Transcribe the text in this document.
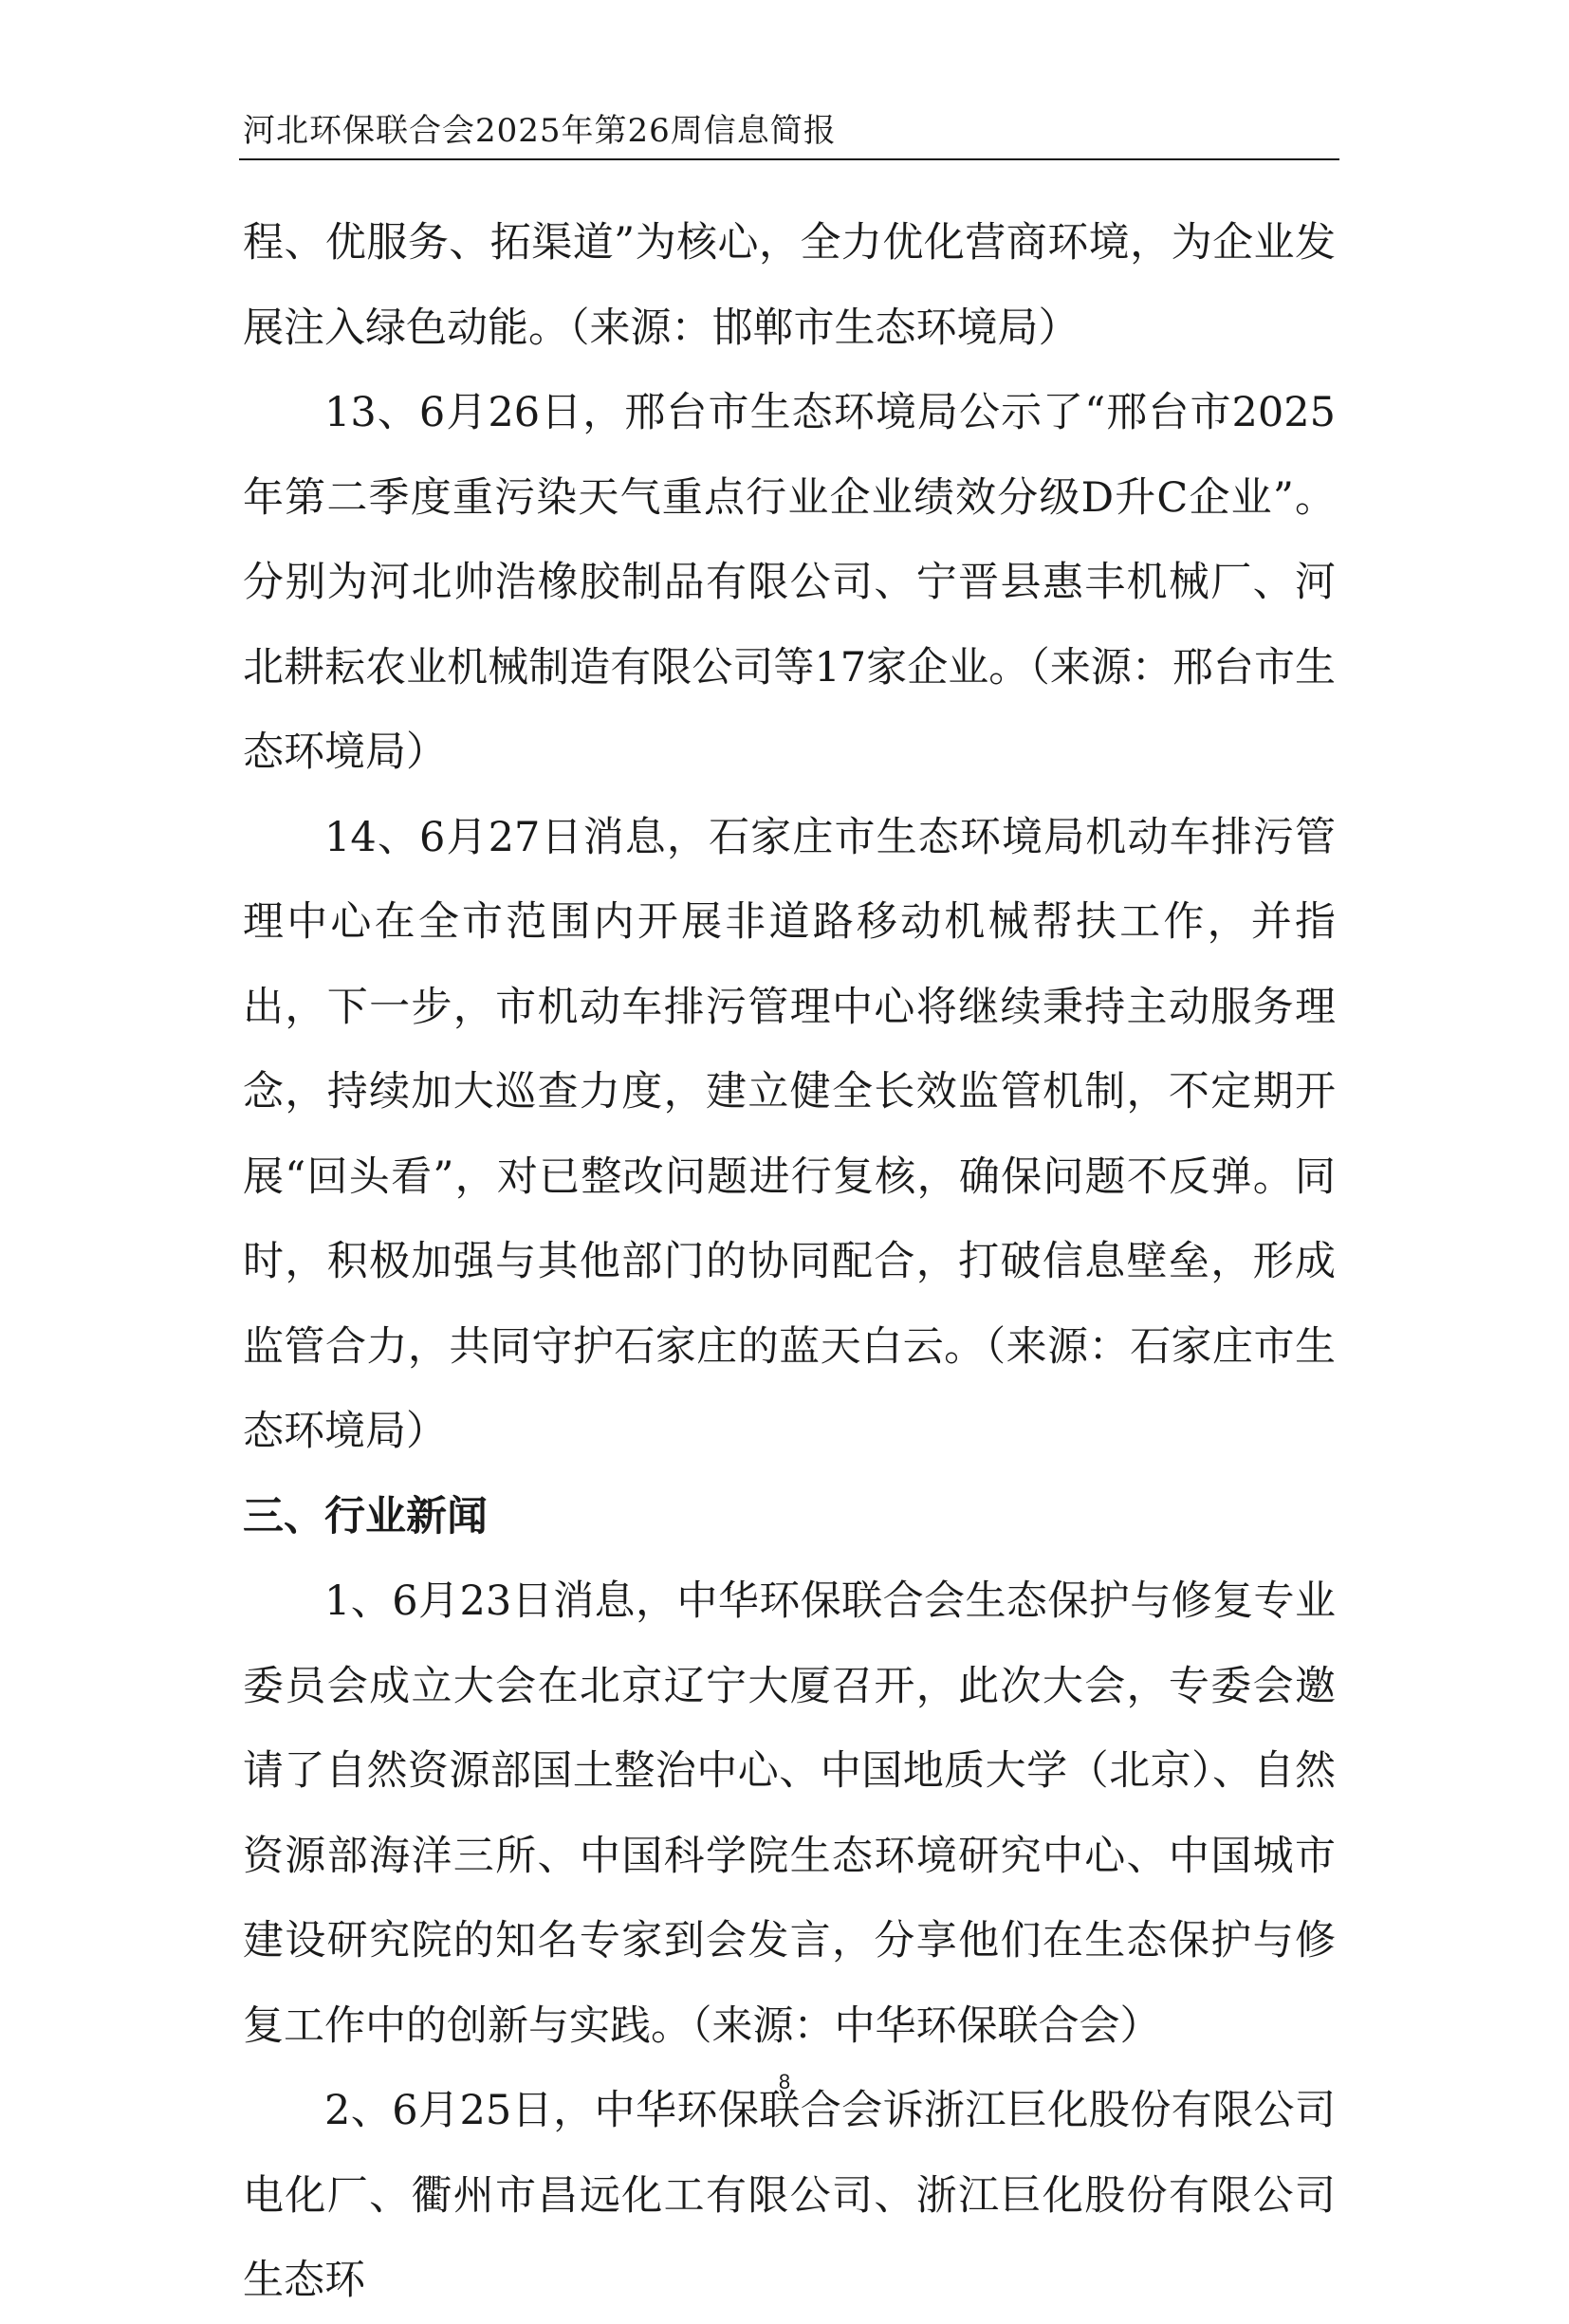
河北环保联合会2025年第26周信息简报

程、优服务、拓渠道”为核心，全力优化营商环境，为企业发展注入绿色动能。（来源：邯郸市生态环境局）

13、6月26日，邢台市生态环境局公示了“邢台市2025年第二季度重污染天气重点行业企业绩效分级D升C企业”。分别为河北帅浩橡胶制品有限公司、宁晋县惠丰机械厂、河北耕耘农业机械制造有限公司等17家企业。（来源：邢台市生态环境局）

14、6月27日消息，石家庄市生态环境局机动车排污管理中心在全市范围内开展非道路移动机械帮扶工作，并指出，下一步，市机动车排污管理中心将继续秉持主动服务理念，持续加大巡查力度，建立健全长效监管机制，不定期开展“回头看”，对已整改问题进行复核，确保问题不反弹。同时，积极加强与其他部门的协同配合，打破信息壁垒，形成监管合力，共同守护石家庄的蓝天白云。（来源：石家庄市生态环境局）

三、行业新闻

1、6月23日消息，中华环保联合会生态保护与修复专业委员会成立大会在北京辽宁大厦召开，此次大会，专委会邀请了自然资源部国土整治中心、中国地质大学（北京）、自然资源部海洋三所、中国科学院生态环境研究中心、中国城市建设研究院的知名专家到会发言，分享他们在生态保护与修复工作中的创新与实践。（来源：中华环保联合会）

2、6月25日，中华环保联合会诉浙江巨化股份有限公司电化厂、衢州市昌远化工有限公司、浙江巨化股份有限公司生态环

8
